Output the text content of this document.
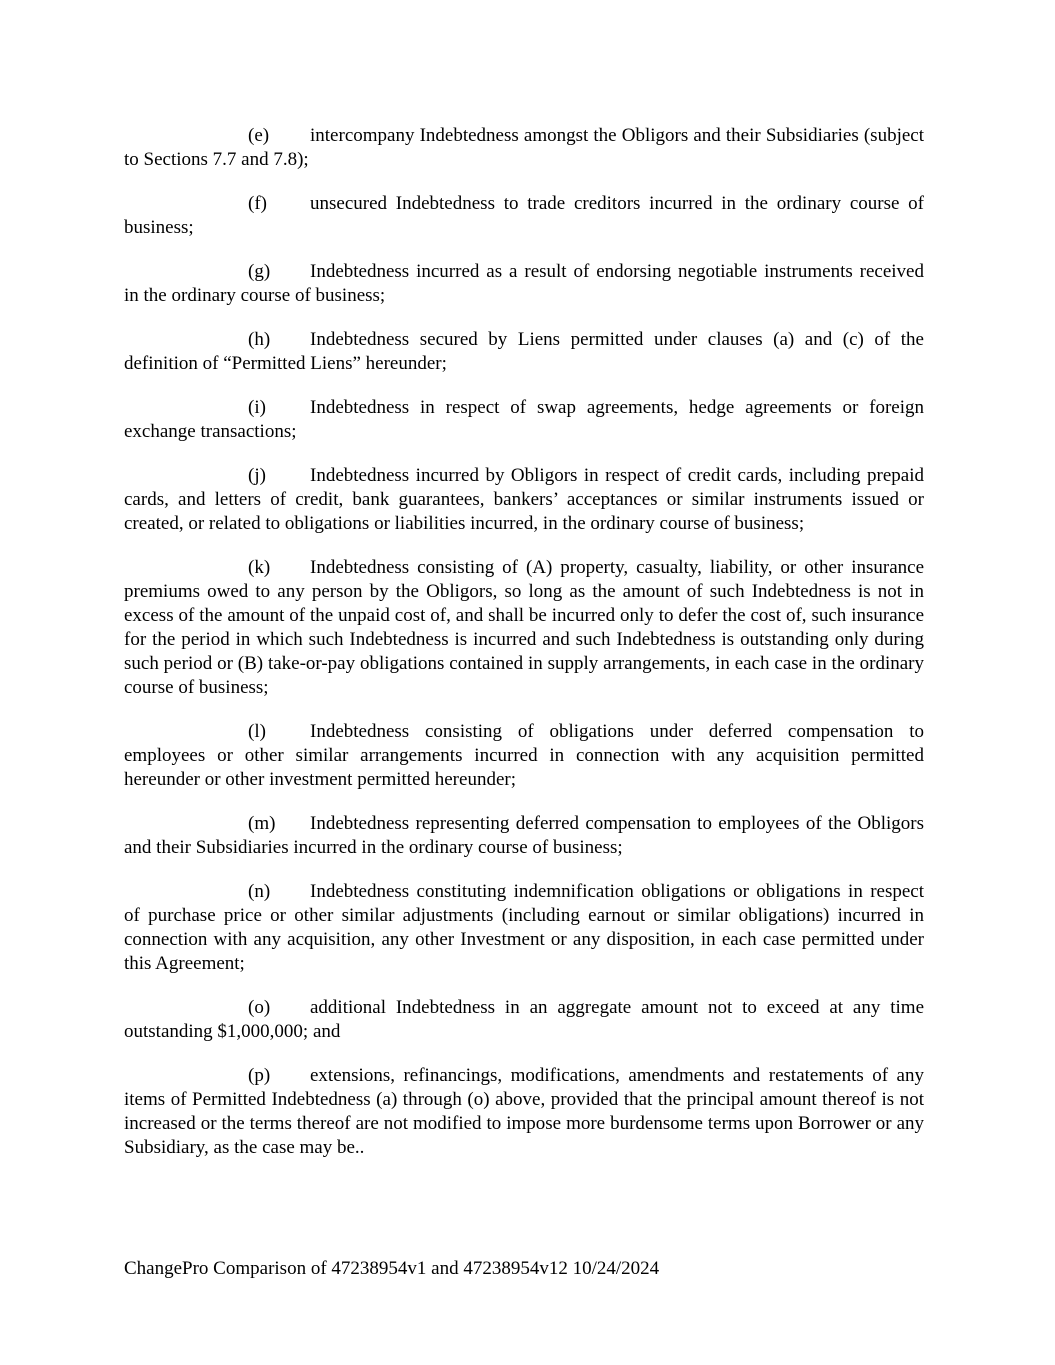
(e) intercompany Indebtedness amongst the Obligors and their Subsidiaries (subject to Sections 7.7 and 7.8);

(f) unsecured Indebtedness to trade creditors incurred in the ordinary course of business;

(g) Indebtedness incurred as a result of endorsing negotiable instruments received in the ordinary course of business;

(h) Indebtedness secured by Liens permitted under clauses (a) and (c) of the definition of “Permitted Liens” hereunder;

(i) Indebtedness in respect of swap agreements, hedge agreements or foreign exchange transactions;

(j) Indebtedness incurred by Obligors in respect of credit cards, including prepaid cards, and letters of credit, bank guarantees, bankers’ acceptances or similar instruments issued or created, or related to obligations or liabilities incurred, in the ordinary course of business;

(k) Indebtedness consisting of (A) property, casualty, liability, or other insurance premiums owed to any person by the Obligors, so long as the amount of such Indebtedness is not in excess of the amount of the unpaid cost of, and shall be incurred only to defer the cost of, such insurance for the period in which such Indebtedness is incurred and such Indebtedness is outstanding only during such period or (B) take-or-pay obligations contained in supply arrangements, in each case in the ordinary course of business;

(l) Indebtedness consisting of obligations under deferred compensation to employees or other similar arrangements incurred in connection with any acquisition permitted hereunder or other investment permitted hereunder;

(m) Indebtedness representing deferred compensation to employees of the Obligors and their Subsidiaries incurred in the ordinary course of business;

(n) Indebtedness constituting indemnification obligations or obligations in respect of purchase price or other similar adjustments (including earnout or similar obligations) incurred in connection with any acquisition, any other Investment or any disposition, in each case permitted under this Agreement;

(o) additional Indebtedness in an aggregate amount not to exceed at any time outstanding $1,000,000; and

(p) extensions, refinancings, modifications, amendments and restatements of any items of Permitted Indebtedness (a) through (o) above, provided that the principal amount thereof is not increased or the terms thereof are not modified to impose more burdensome terms upon Borrower or any Subsidiary, as the case may be..

ChangePro Comparison of 47238954v1 and 47238954v12 10/24/2024
